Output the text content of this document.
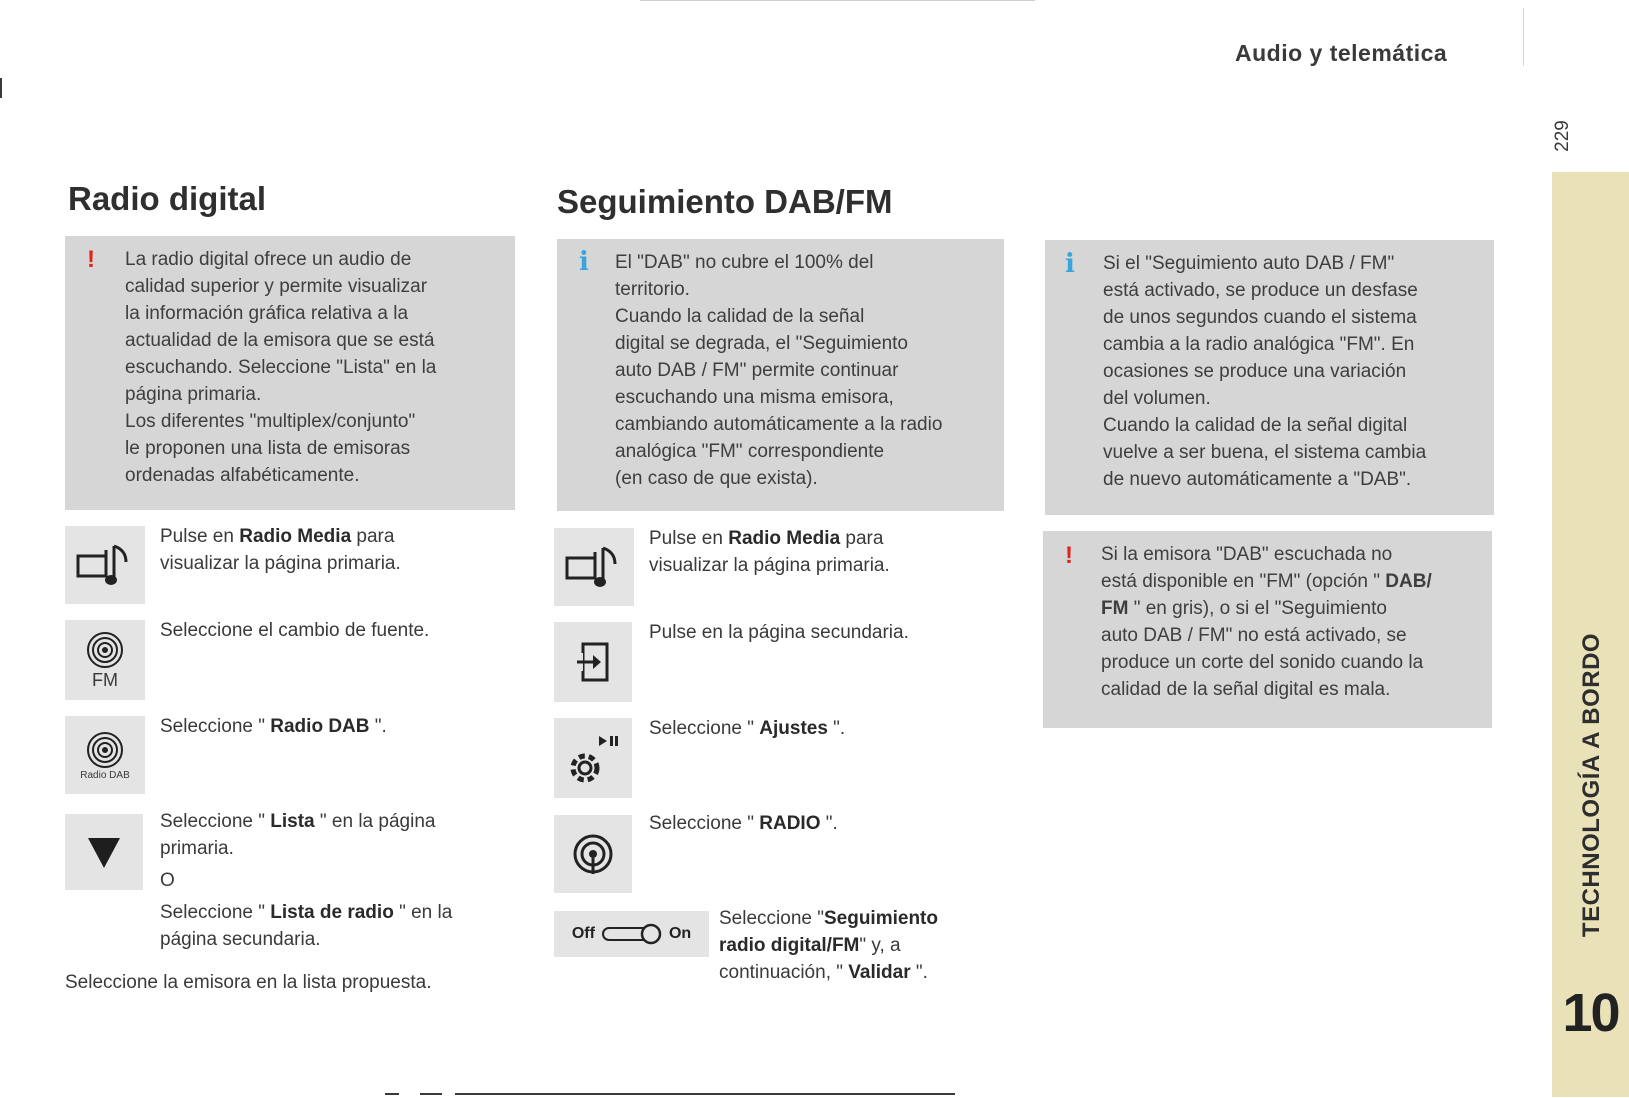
Audio y telemática
229
TECHNOLOGÍA A BORDO
10
Radio digital
! La radio digital ofrece un audio de
calidad superior y permite visualizar
la información gráfica relativa a la
actualidad de la emisora que se está
escuchando. Seleccione "Lista" en la
página primaria.
Los diferentes "multiplex/conjunto"
le proponen una lista de emisoras
ordenadas alfabéticamente.
Pulse en Radio Media para
visualizar la página primaria.
FM
Seleccione el cambio de fuente.
Radio DAB
Seleccione " Radio DAB ".
Seleccione " Lista " en la página
primaria.
O
Seleccione " Lista de radio " en la
página secundaria.
Seleccione la emisora en la lista propuesta.
Seguimiento DAB/FM
i El "DAB" no cubre el 100% del
territorio.
Cuando la calidad de la señal
digital se degrada, el "Seguimiento
auto DAB / FM" permite continuar
escuchando una misma emisora,
cambiando automáticamente a la radio
analógica "FM" correspondiente
(en caso de que exista).
Pulse en Radio Media para
visualizar la página primaria.
Pulse en la página secundaria.
Seleccione " Ajustes ".
Seleccione " RADIO ".
Off	On
Seleccione "Seguimiento
radio digital/FM" y, a
continuación, " Validar ".
i Si el "Seguimiento auto DAB / FM"
está activado, se produce un desfase
de unos segundos cuando el sistema
cambia a la radio analógica "FM". En
ocasiones se produce una variación
del volumen.
Cuando la calidad de la señal digital
vuelve a ser buena, el sistema cambia
de nuevo automáticamente a "DAB".
! Si la emisora "DAB" escuchada no
está disponible en "FM" (opción " DAB/
FM " en gris), o si el "Seguimiento
auto DAB / FM" no está activado, se
produce un corte del sonido cuando la
calidad de la señal digital es mala.
